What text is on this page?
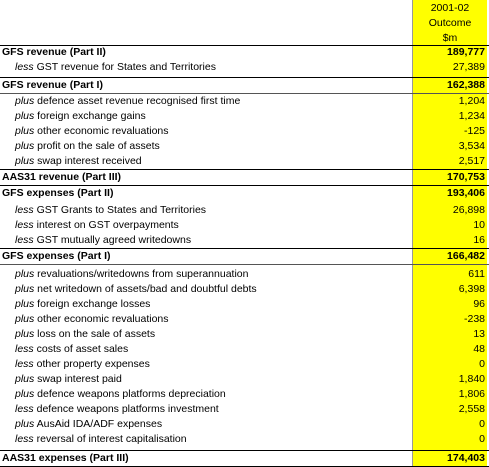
2001-02
Outcome
$m
GFS revenue (Part II)	189,777
less GST revenue for States and Territories	27,389
GFS revenue (Part I)	162,388
plus defence asset revenue recognised first time	1,204
plus foreign exchange gains	1,234
plus other economic revaluations	-125
plus profit on the sale of assets	3,534
plus swap interest received	2,517
AAS31 revenue (Part III)	170,753
GFS expenses (Part II)	193,406
less GST Grants to States and Territories	26,898
less interest on GST overpayments	10
less GST mutually agreed writedowns	16
GFS expenses (Part I)	166,482
plus revaluations/writedowns from superannuation	611
plus net writedown of assets/bad and doubtful debts	6,398
plus foreign exchange losses	96
plus other economic revaluations	-238
plus loss on the sale of assets	13
less costs of asset sales	48
less other property expenses	0
plus swap interest paid	1,840
plus defence weapons platforms depreciation	1,806
less defence weapons platforms investment	2,558
plus AusAid IDA/ADF expenses	0
less reversal of interest capitalisation	0
AAS31 expenses (Part III)	174,403
